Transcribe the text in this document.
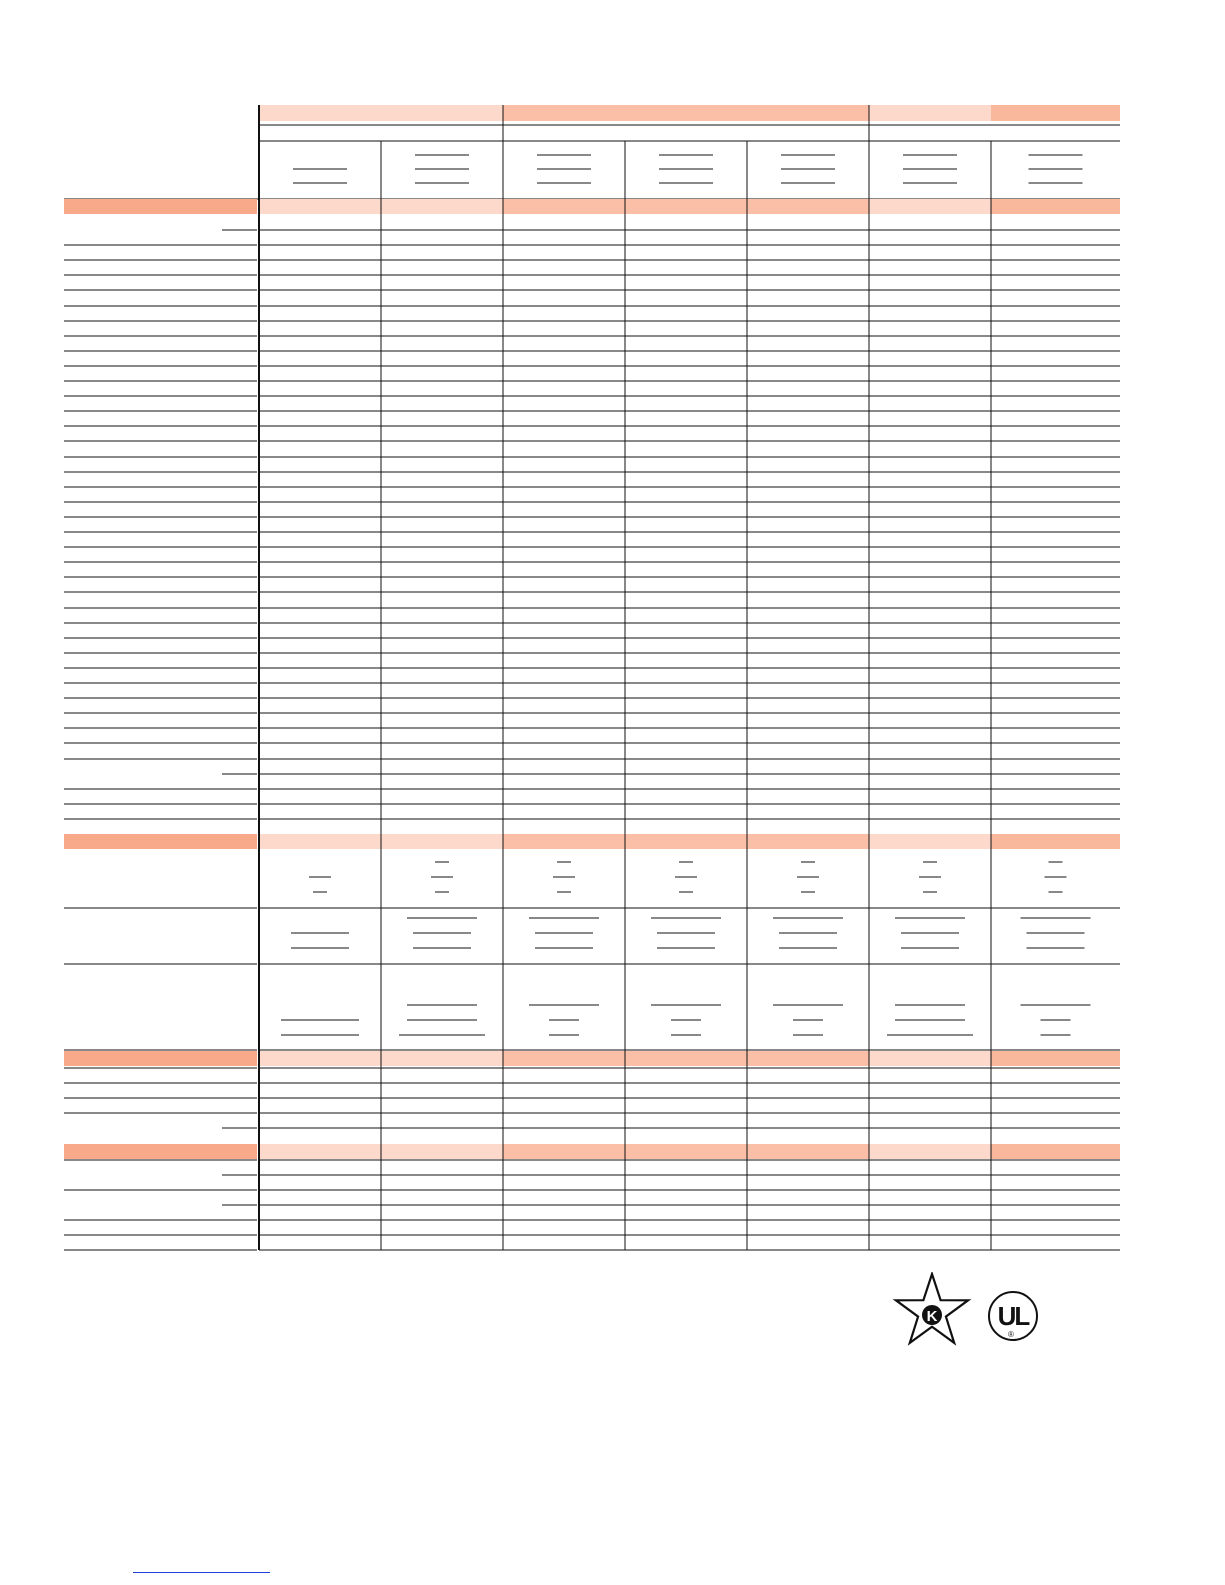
K UL
®
